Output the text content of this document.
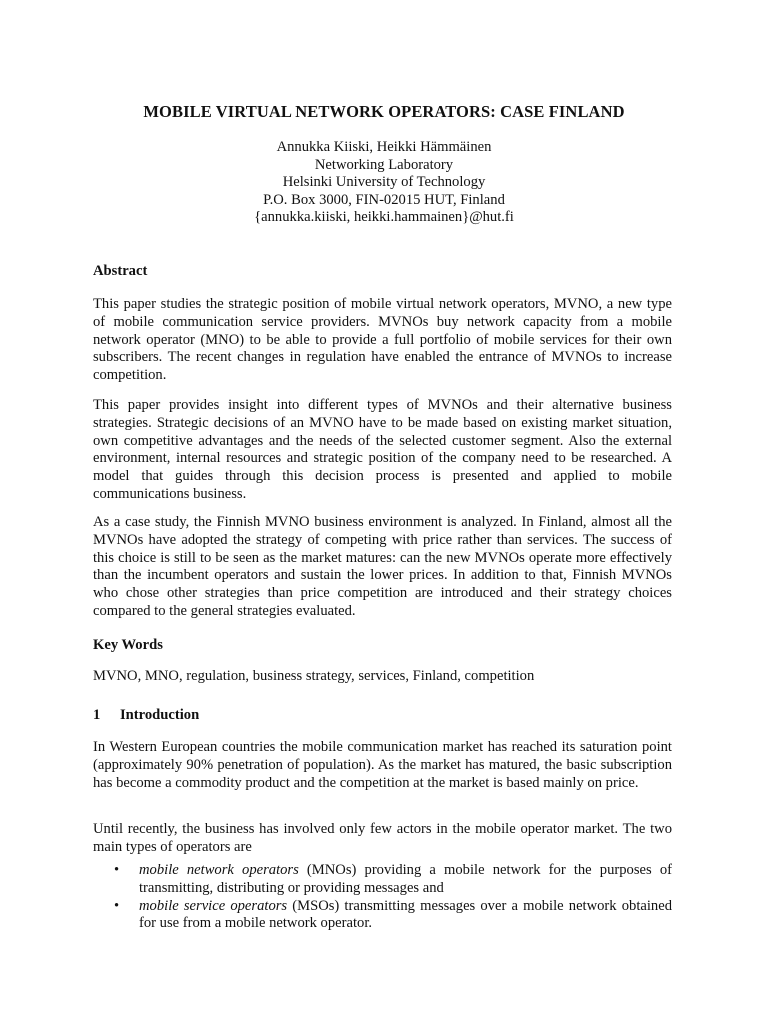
MOBILE VIRTUAL NETWORK OPERATORS: CASE FINLAND
Annukka Kiiski, Heikki Hämmäinen
Networking Laboratory
Helsinki University of Technology
P.O. Box 3000, FIN-02015 HUT, Finland
{annukka.kiiski, heikki.hammainen}@hut.fi
Abstract
This paper studies the strategic position of mobile virtual network operators, MVNO, a new type of mobile communication service providers. MVNOs buy network capacity from a mobile network operator (MNO) to be able to provide a full portfolio of mobile services for their own subscribers. The recent changes in regulation have enabled the entrance of MVNOs to increase competition.
This paper provides insight into different types of MVNOs and their alternative business strategies. Strategic decisions of an MVNO have to be made based on existing market situation, own competitive advantages and the needs of the selected customer segment. Also the external environment, internal resources and strategic position of the company need to be researched. A model that guides through this decision process is presented and applied to mobile communications business.
As a case study, the Finnish MVNO business environment is analyzed. In Finland, almost all the MVNOs have adopted the strategy of competing with price rather than services. The success of this choice is still to be seen as the market matures: can the new MVNOs operate more effectively than the incumbent operators and sustain the lower prices. In addition to that, Finnish MVNOs who chose other strategies than price competition are introduced and their strategy choices compared to the general strategies evaluated.
Key Words
MVNO, MNO, regulation, business strategy, services, Finland, competition
1 Introduction
In Western European countries the mobile communication market has reached its saturation point (approximately 90% penetration of population). As the market has matured, the basic subscription has become a commodity product and the competition at the market is based mainly on price.
Until recently, the business has involved only few actors in the mobile operator market. The two main types of operators are
• mobile network operators (MNOs) providing a mobile network for the purposes of transmitting, distributing or providing messages and
• mobile service operators (MSOs) transmitting messages over a mobile network obtained for use from a mobile network operator.
